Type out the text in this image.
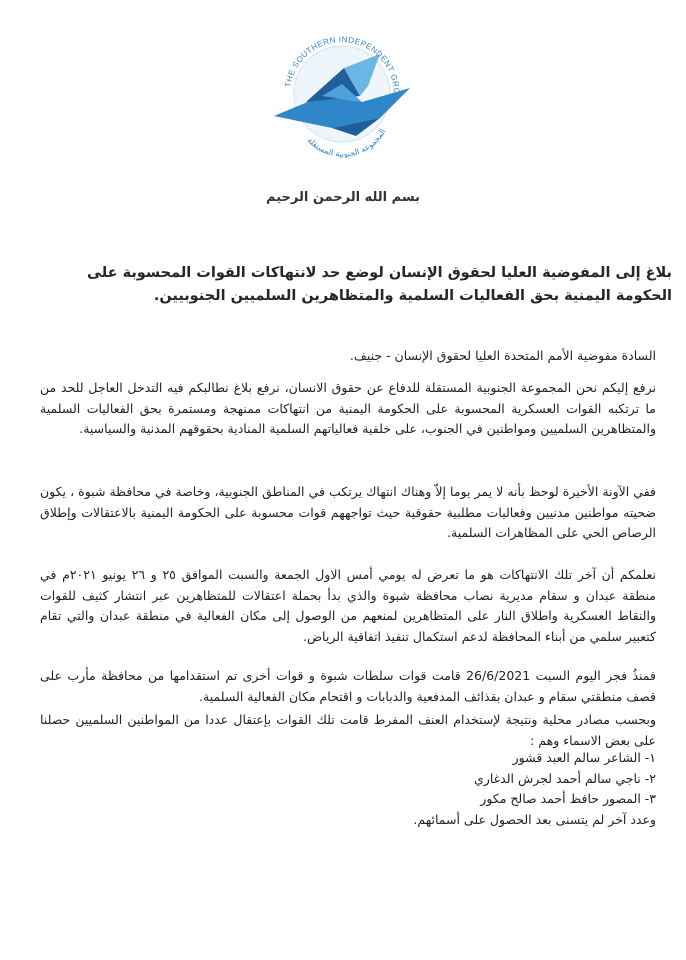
THE SOUTHERN INDEPENDENT GRO
المجموعة الجنوبية المستقلة
بسم الله الرحمن الرحيم
بلاغ إلى المفوضية العليا لحقوق الإنسان لوضع حد لانتهاكات القوات المحسوبة على الحكومة اليمنية بحق الفعاليات السلمية والمتظاهرين السلميين الجنوبيين.
السادة مفوضية الأمم المتحدة العليا لحقوق الإنسان - جنيف.
نرفع إليكم نحن المجموعة الجنوبية المستقلة للدفاع عن حقوق الانسان، نرفع بلاغ نطالبكم فيه التدخل العاجل للحد من ما ترتكبه القوات العسكرية المحسوبة على الحكومة اليمنية من انتهاكات ممنهجة ومستمرة بحق الفعاليات السلمية والمتظاهرين السلميين ومواطنين في الجنوب، على خلفية فعالياتهم السلمية المنادية بحقوقهم المدنية والسياسية.
ففي الآونة الأخيرة لوحظ بأنه لا يمر يوما إلاّ وهناك انتهاك يرتكب في المناطق الجنوبية، وخاصة في محافظة شبوة ، يكون ضحيته مواطنين مدنيين وفعاليات مطلبية حقوقية حيث تواجههم قوات محسوبة على الحكومة اليمنية بالاعتقالات وإطلاق الرصاص الحي على المظاهرات السلمية.
نعلمكم أن آخر تلك الانتهاكات هو ما تعرض له يومي أمس الاول الجمعة والسبت الموافق ٢٥ و ٢٦ يونيو ٢٠٢١م في منطقة عبدان و سقام مديرية نصاب محافظة شبوة والذي بدأ بحملة اعتقالات للمتظاهرين عبر انتشار كثيف للقوات والنقاط العسكرية واطلاق النار على المتظاهرين لمنعهم من الوصول إلى مكان الفعالية في منطقة عبدان والتي تقام كتعبير سلمي من أبناء المحافظة لدعم استكمال تنفيذ اتفاقية الرياض.
فمنذُ فجر اليوم السبت 26/6/2021 قامت قوات سلطات شبوة و قوات أخرى تم استقدامها من محافظة مأرب على قصف منطقتي سقام و عبدان بقذائف المدفعية والدبابات و اقتحام مكان الفعالية السلمية.
وبحسب مصادر محلية ونتيجة لإستخدام العنف المفرط قامت تلك القوات بإعتقال عددا من المواطنين السلميين حصلنا على بعض الاسماء وهم :
١- الشاعر سالم العبد قشور
٢- ناجي سالم أحمد لجرش الدغاري
٣- المصور حافظ أحمد صالح مكور
وعدد آخر لم يتسنى بعد الحصول على أسمائهم.
